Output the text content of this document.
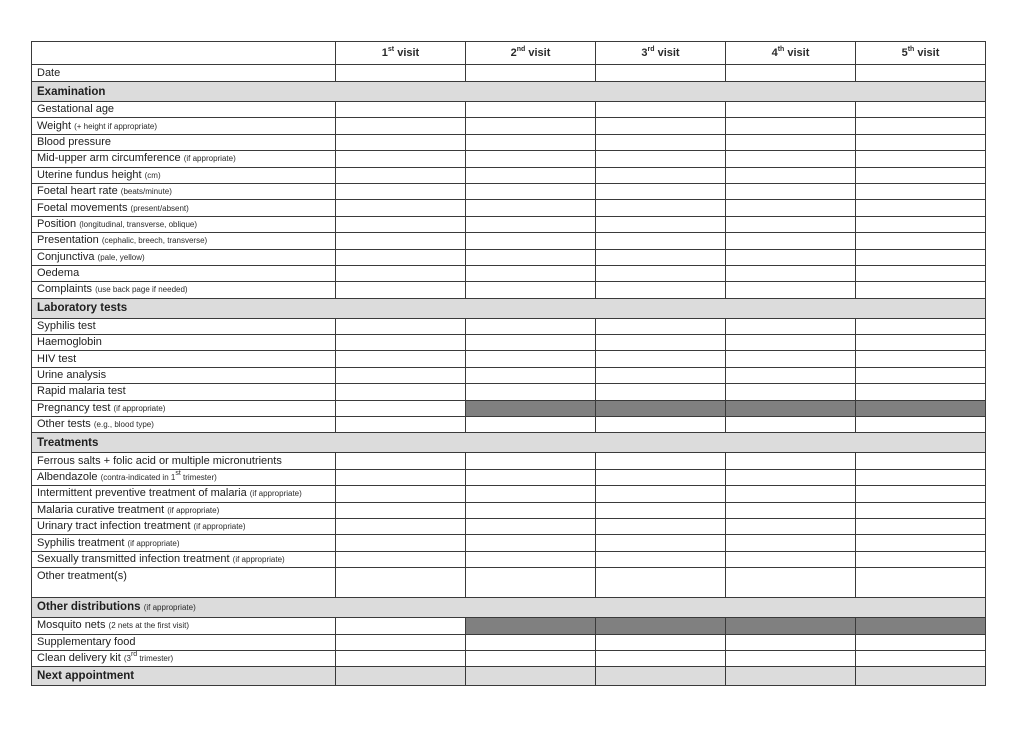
	1st visit	2nd visit	3rd visit	4th visit	5th visit
Date					
Examination					
Gestational age					
Weight (+ height if appropriate)					
Blood pressure					
Mid-upper arm circumference (if appropriate)					
Uterine fundus height (cm)					
Foetal heart rate (beats/minute)					
Foetal movements (present/absent)					
Position (longitudinal, transverse, oblique)					
Presentation (cephalic, breech, transverse)					
Conjunctiva (pale, yellow)					
Oedema					
Complaints (use back page if needed)					
Laboratory tests					
Syphilis test					
Haemoglobin					
HIV test					
Urine analysis					
Rapid malaria test					
Pregnancy test (if appropriate)					
Other tests (e.g., blood type)					
Treatments					
Ferrous salts + folic acid or multiple micronutrients					
Albendazole (contra-indicated in 1st trimester)					
Intermittent preventive treatment of malaria (if appropriate)					
Malaria curative treatment (if appropriate)					
Urinary tract infection treatment (if appropriate)					
Syphilis treatment (if appropriate)					
Sexually transmitted infection treatment (if appropriate)					
Other treatment(s)					
Other distributions (if appropriate)					
Mosquito nets (2 nets at the first visit)					
Supplementary food					
Clean delivery kit (3rd trimester)					
Next appointment					
